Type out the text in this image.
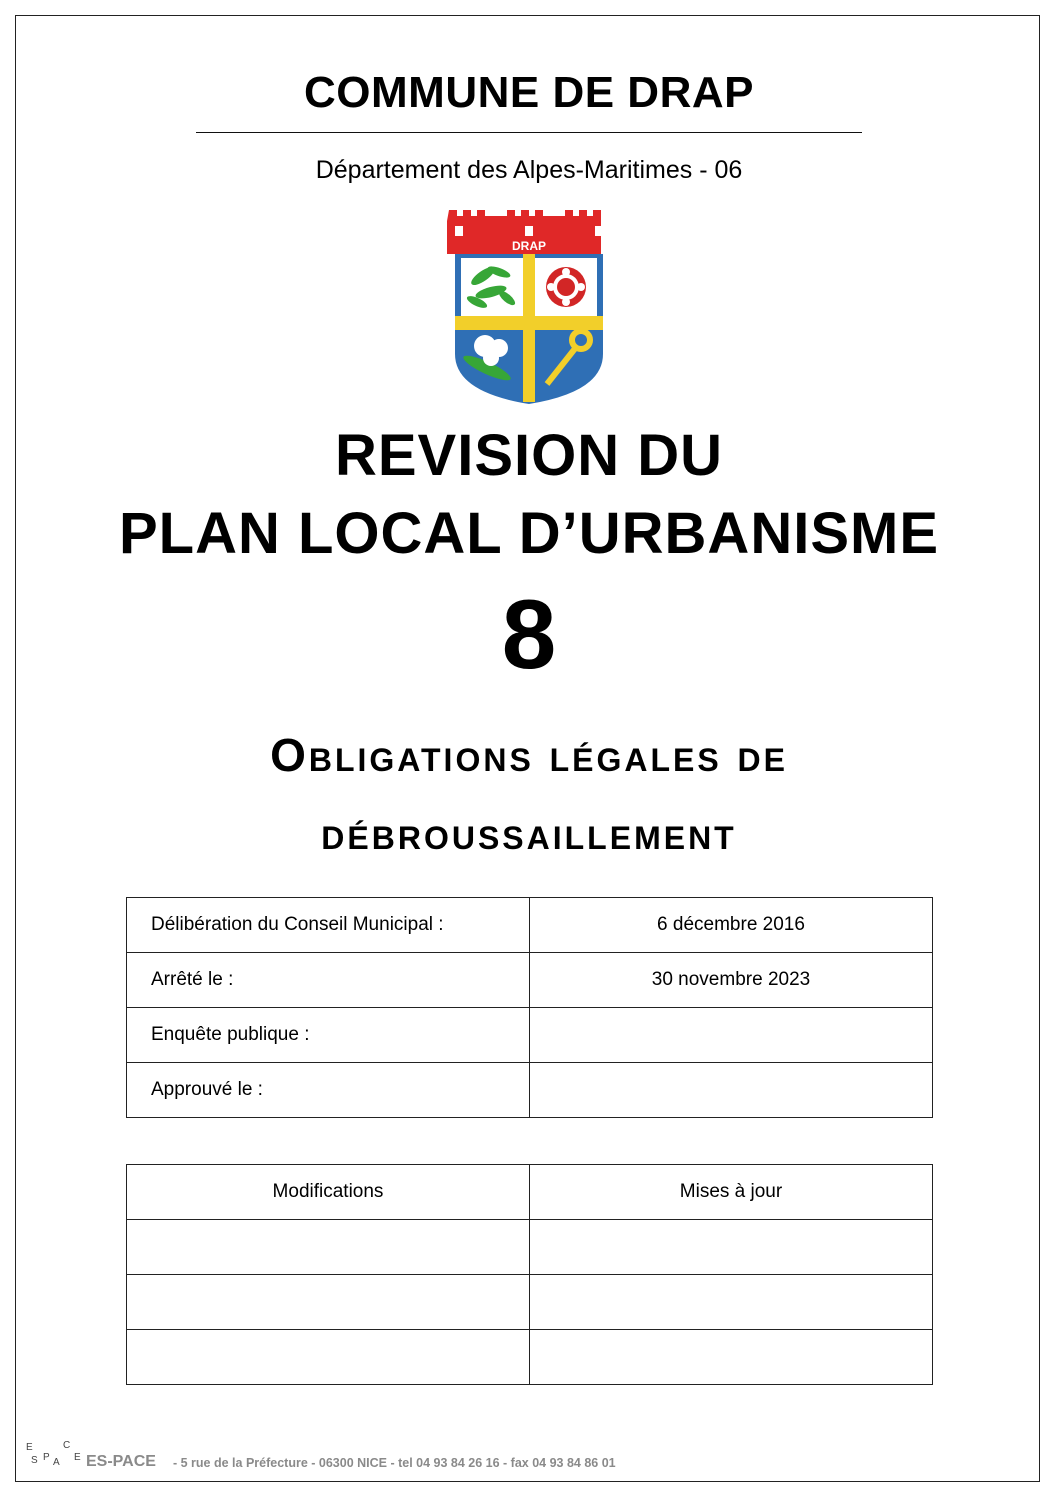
COMMUNE DE DRAP
Département des Alpes-Maritimes - 06
DRAP
REVISION DU
PLAN LOCAL D’URBANISME
8
Obligations légales de
débroussaillement
Délibération du Conseil Municipal :	6 décembre 2016
Arrêté le :	30 novembre 2023
Enquête publique :	
Approuvé le :	
Modifications	Mises à jour

E
S P A
C
E ES-PACE - 5 rue de la Préfecture - 06300 NICE - tel 04 93 84 26 16 - fax 04 93 84 86 01
